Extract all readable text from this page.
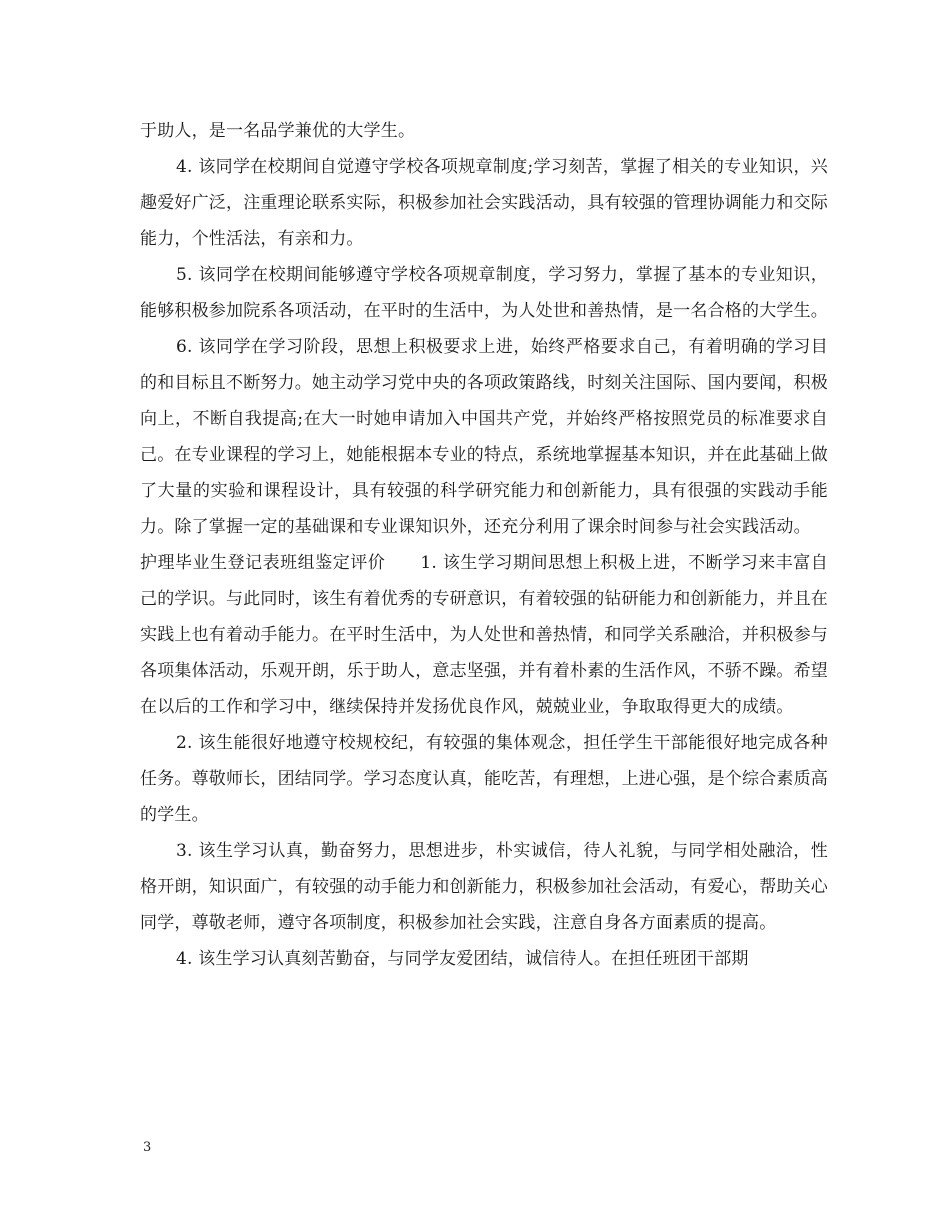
于助人，是一名品学兼优的大学生。

4. 该同学在校期间自觉遵守学校各项规章制度;学习刻苦，掌握了相关的专业知识，兴趣爱好广泛，注重理论联系实际，积极参加社会实践活动，具有较强的管理协调能力和交际能力，个性活法，有亲和力。

5. 该同学在校期间能够遵守学校各项规章制度，学习努力，掌握了基本的专业知识，能够积极参加院系各项活动，在平时的生活中，为人处世和善热情，是一名合格的大学生。

6. 该同学在学习阶段，思想上积极要求上进，始终严格要求自己，有着明确的学习目的和目标且不断努力。她主动学习党中央的各项政策路线，时刻关注国际、国内要闻，积极向上，不断自我提高;在大一时她申请加入中国共产党，并始终严格按照党员的标准要求自己。在专业课程的学习上，她能根据本专业的特点，系统地掌握基本知识，并在此基础上做了大量的实验和课程设计，具有较强的科学研究能力和创新能力，具有很强的实践动手能力。除了掌握一定的基础课和专业课知识外，还充分利用了课余时间参与社会实践活动。

护理毕业生登记表班组鉴定评价　　1. 该生学习期间思想上积极上进，不断学习来丰富自己的学识。与此同时，该生有着优秀的专研意识，有着较强的钻研能力和创新能力，并且在实践上也有着动手能力。在平时生活中，为人处世和善热情，和同学关系融洽，并积极参与各项集体活动，乐观开朗，乐于助人，意志坚强，并有着朴素的生活作风，不骄不躁。希望在以后的工作和学习中，继续保持并发扬优良作风，兢兢业业，争取取得更大的成绩。

2. 该生能很好地遵守校规校纪，有较强的集体观念，担任学生干部能很好地完成各种任务。尊敬师长，团结同学。学习态度认真，能吃苦，有理想，上进心强，是个综合素质高的学生。

3. 该生学习认真，勤奋努力，思想进步，朴实诚信，待人礼貌，与同学相处融洽，性格开朗，知识面广，有较强的动手能力和创新能力，积极参加社会活动，有爱心，帮助关心同学，尊敬老师，遵守各项制度，积极参加社会实践，注意自身各方面素质的提高。

4. 该生学习认真刻苦勤奋，与同学友爱团结，诚信待人。在担任班团干部期

3
